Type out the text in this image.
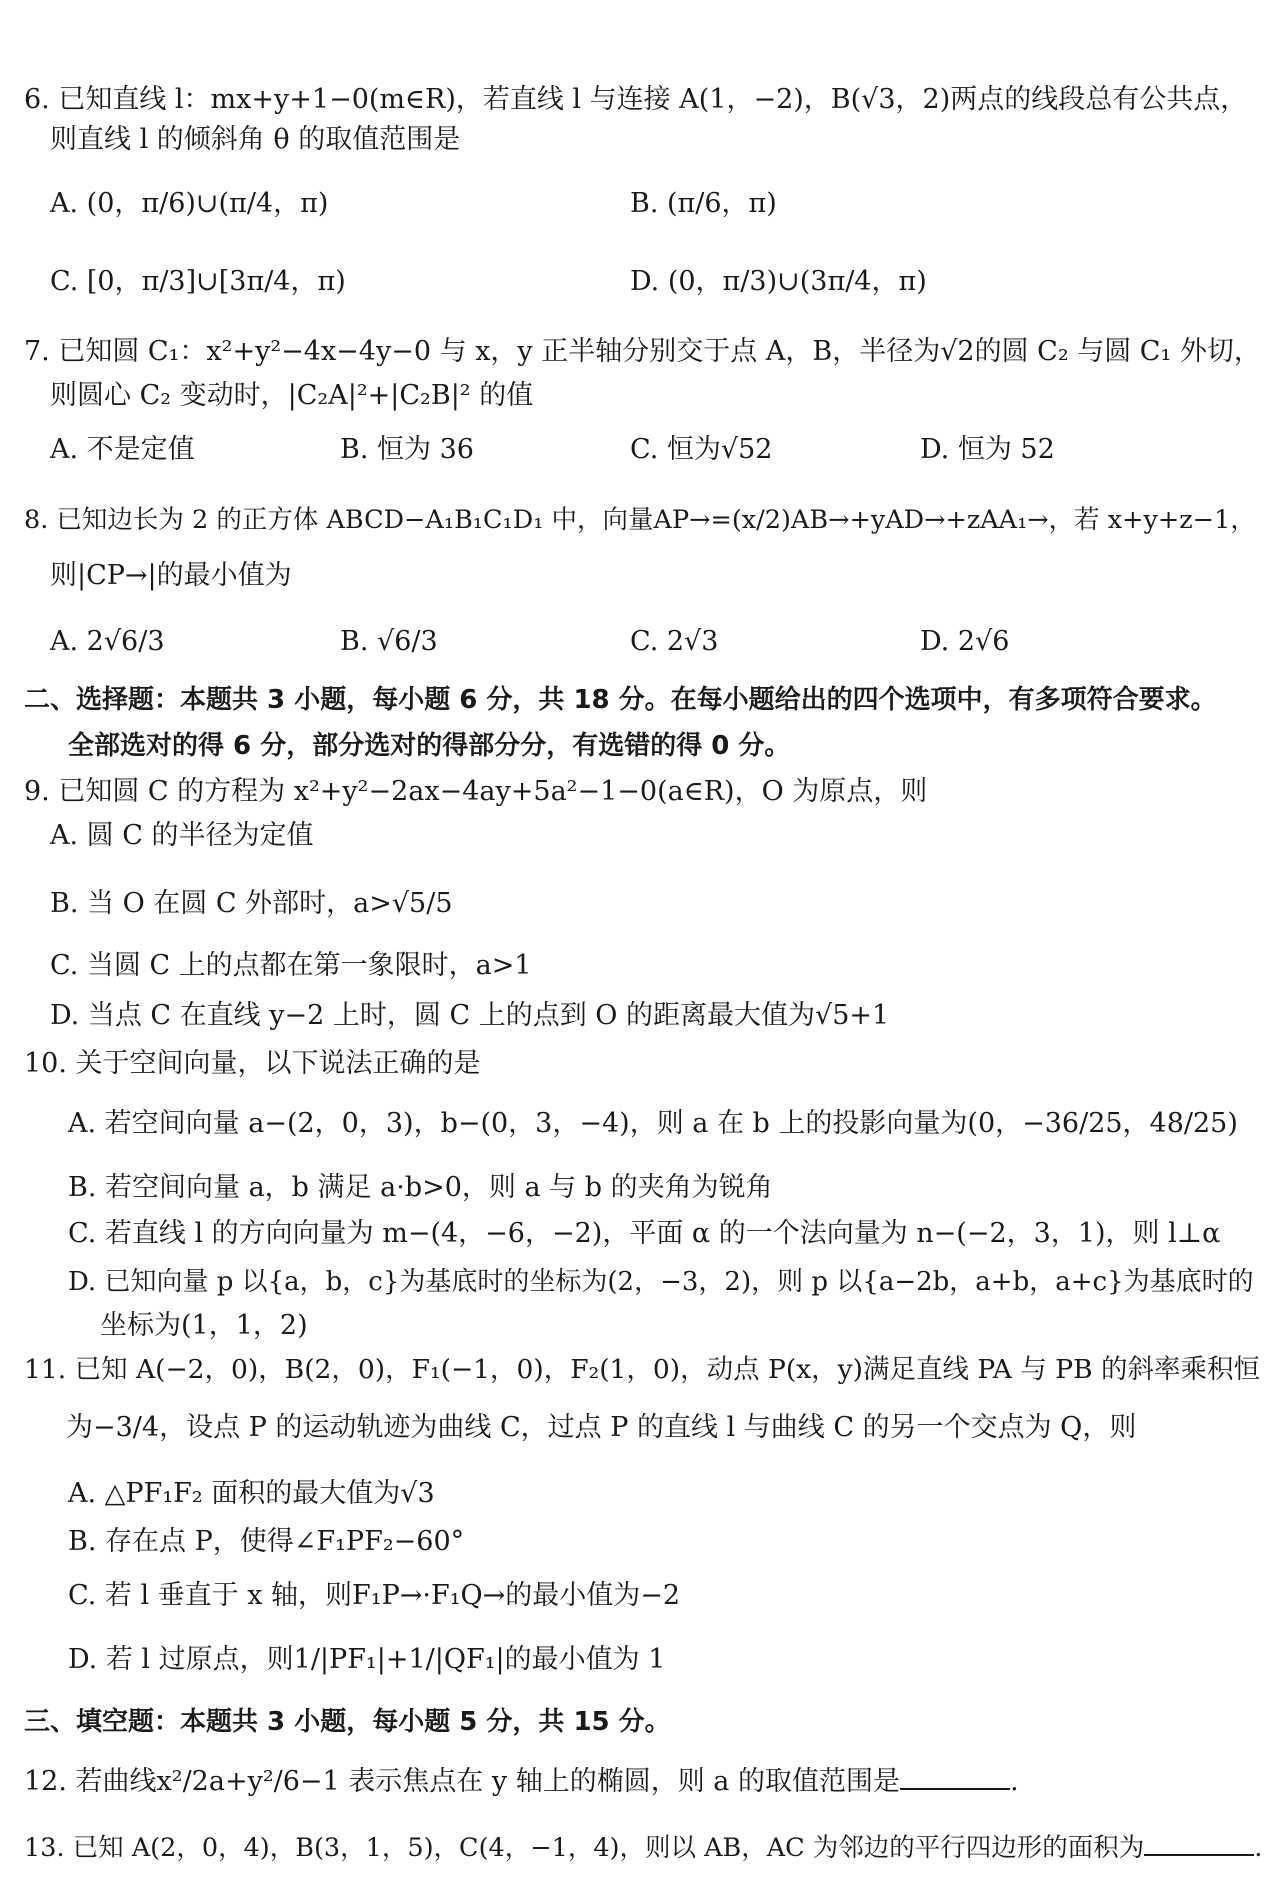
6. 已知直线 l：mx+y+1−0(m∈R)，若直线 l 与连接 A(1，−2)，B(√3，2)两点的线段总有公共点，
则直线 l 的倾斜角 θ 的取值范围是
A. (0，π/6)∪(π/4，π)	B. (π/6，π)
C. [0，π/3]∪[3π/4，π)	D. (0，π/3)∪(3π/4，π)
7. 已知圆 C₁：x²+y²−4x−4y−0 与 x，y 正半轴分别交于点 A，B，半径为√2的圆 C₂ 与圆 C₁ 外切，
则圆心 C₂ 变动时，|C₂A|²+|C₂B|² 的值
A. 不是定值	B. 恒为 36	C. 恒为√52	D. 恒为 52
8. 已知边长为 2 的正方体 ABCD−A₁B₁C₁D₁ 中，向量AP→=(x/2)AB→+yAD→+zAA₁→，若 x+y+z−1，
则|CP→|的最小值为
A. 2√6/3	B. √6/3	C. 2√3	D. 2√6
二、选择题：本题共 3 小题，每小题 6 分，共 18 分。在每小题给出的四个选项中，有多项符合要求。
全部选对的得 6 分，部分选对的得部分分，有选错的得 0 分。
9. 已知圆 C 的方程为 x²+y²−2ax−4ay+5a²−1−0(a∈R)，O 为原点，则
A. 圆 C 的半径为定值
B. 当 O 在圆 C 外部时，a>√5/5
C. 当圆 C 上的点都在第一象限时，a>1
D. 当点 C 在直线 y−2 上时，圆 C 上的点到 O 的距离最大值为√5+1
10. 关于空间向量，以下说法正确的是
A. 若空间向量 a−(2，0，3)，b−(0，3，−4)，则 a 在 b 上的投影向量为(0，−36/25，48/25)
B. 若空间向量 a，b 满足 a·b>0，则 a 与 b 的夹角为锐角
C. 若直线 l 的方向向量为 m−(4，−6，−2)，平面 α 的一个法向量为 n−(−2，3，1)，则 l⊥α
D. 已知向量 p 以{a，b，c}为基底时的坐标为(2，−3，2)，则 p 以{a−2b，a+b，a+c}为基底时的
坐标为(1，1，2)
11. 已知 A(−2，0)，B(2，0)，F₁(−1，0)，F₂(1，0)，动点 P(x，y)满足直线 PA 与 PB 的斜率乘积恒
为−3/4，设点 P 的运动轨迹为曲线 C，过点 P 的直线 l 与曲线 C 的另一个交点为 Q，则
A. △PF₁F₂ 面积的最大值为√3
B. 存在点 P，使得∠F₁PF₂−60°
C. 若 l 垂直于 x 轴，则F₁P→·F₁Q→的最小值为−2
D. 若 l 过原点，则1/|PF₁|+1/|QF₁|的最小值为 1
三、填空题：本题共 3 小题，每小题 5 分，共 15 分。
12. 若曲线x²/2a+y²/6−1 表示焦点在 y 轴上的椭圆，则 a 的取值范围是	.
13. 已知 A(2，0，4)，B(3，1，5)，C(4，−1，4)，则以 AB，AC 为邻边的平行四边形的面积为	.
